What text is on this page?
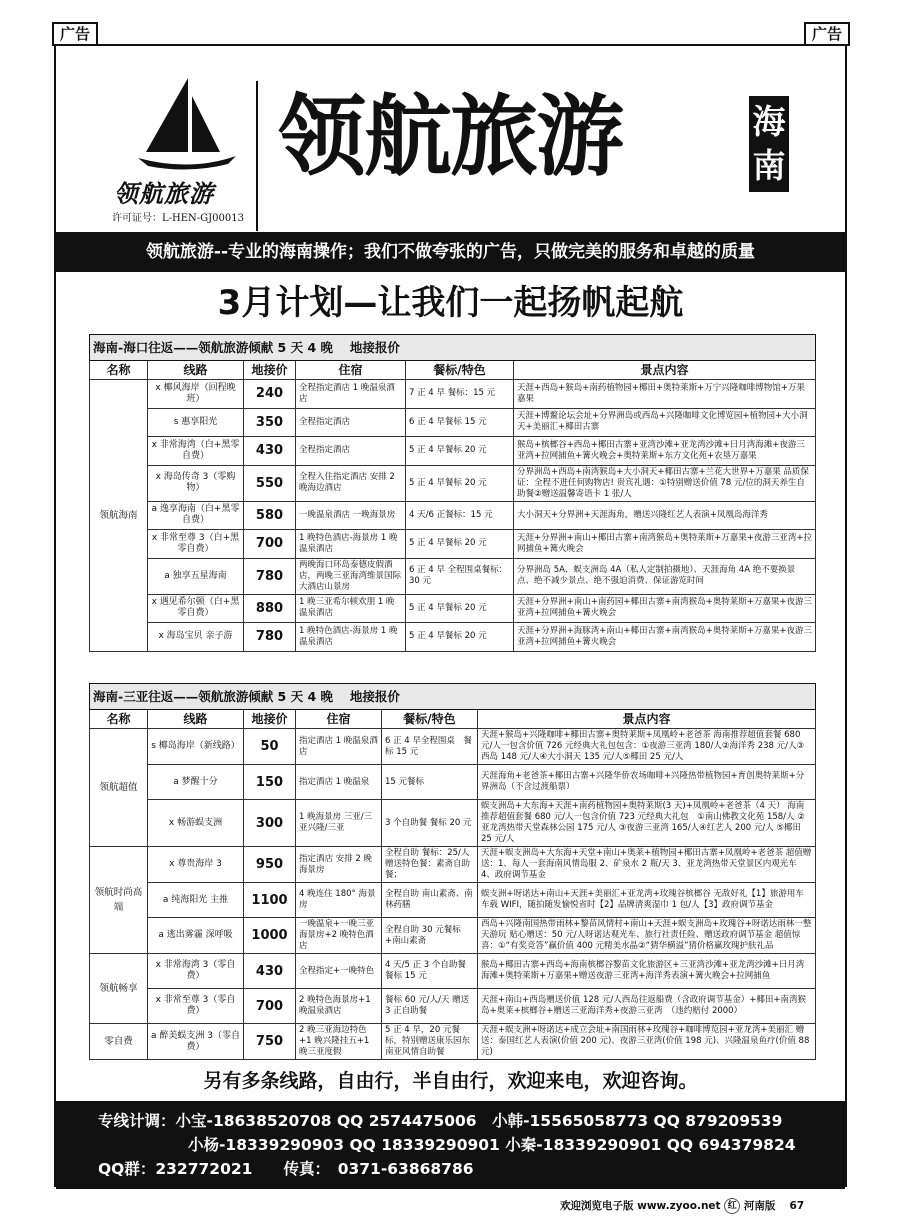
广告	广告
领航旅游
许可证号：L-HEN-GJ00013
领航旅游	海南
领航旅游--专业的海南操作；我们不做夸张的广告，只做完美的服务和卓越的质量
3月计划—让我们一起扬帆起航
海南-海口往返——领航旅游倾献 5 天 4 晚　 地接报价					
名称	线路	地接价	住宿	餐标/特色	景点内容
领航海南	x 椰风海岸（回程晚班）	240	全程指定酒店 1 晚温泉酒店	7 正 4 早 餐标：15 元	天涯+西岛+猴岛+南药植物园+椰田+奥特莱斯+万宁兴隆咖啡博物馆+万果嘉果
	s 惠享阳光	350	全程指定酒店	6 正 4 早餐标 15 元	天涯+博鳌论坛会址+分界洲岛或西岛+兴隆咖啡文化博览园+植物园+大小洞天+美丽汇+椰田古寨
	x 非常海湾（白+黑零自费）	430	全程指定酒店	5 正 4 早餐标 20 元	猴岛+槟榔谷+西岛+椰田古寨+亚湾沙滩+亚龙湾沙滩+日月湾海滩+夜游三亚湾+拉网捕鱼+篝火晚会+奥特莱斯+东方文化苑+农垦万嘉果
	x 海岛传奇 3（零购物）	550	全程入住指定酒店 安排 2 晚海边酒店	5 正 4 早餐标 20 元	分界洲岛+西岛+南湾猴岛+大小洞天+椰田古寨+兰花大世界+万嘉果 品质保证：全程不进任何购物店! 贵宾礼遇：①特别赠送价值 78 元/位的洞天养生自助餐②赠送温馨寄语卡 1 张/人
	a 逸享海南（白+黑零自费）	580	一晚温泉酒店 一晚海景房	4 天/6 正餐标：15 元	大小洞天+分界洲+天涯海角，赠送兴隆红艺人表演+凤凰岛海洋秀
	x 非常至尊 3（白+黑零自费）	700	1 晚特色酒店-海景房 1 晚温泉酒店	5 正 4 早餐标 20 元	天涯+分界洲+南山+椰田古寨+南湾猴岛+奥特莱斯+万嘉果+夜游三亚湾+拉网捕鱼+篝火晚会
	a 独享五星海南	780	两晚海口环岛泰德皮假酒店，两晚三亚海湾维景国际大酒店山景房	6 正 4 早 全程围桌餐标：30 元	分界洲岛 5A、蜈支洲岛 4A（私人定制拍摄地）、天涯海角 4A 绝不要换景点、绝不减少景点、绝不强迫消费、保证游览时间
	x 遇见希尔顿（白+黑零自费）	880	1 晚三亚希尔顿欢朋 1 晚温泉酒店	5 正 4 早餐标 20 元	天涯+分界洲+南山+南药园+椰田古寨+南湾猴岛+奥特莱斯+万嘉果+夜游三亚湾+拉网捕鱼+篝火晚会
	x 海岛宝贝 亲子游	780	1 晚特色酒店-海景房 1 晚温泉酒店	5 正 4 早餐标 20 元	天涯+分界洲+海豚湾+南山+椰田古寨+南湾猴岛+奥特莱斯+万嘉果+夜游三亚湾+拉网捕鱼+篝火晚会
海南-三亚往返——领航旅游倾献 5 天 4 晚　 地接报价					
名称	线路	地接价	住宿	餐标/特色	景点内容
领航超值	s 椰岛海岸（新线路）	50	指定酒店 1 晚温泉酒店	6 正 4 早全程围桌　餐标 15 元	天涯+猴岛+兴隆咖啡+椰田古寨+奥特莱斯+凤凰岭+老爸茶 海南推荐超值套餐 680 元/人一包含价值 726 元经典大礼包包含：①夜游三亚湾 180/人②海洋秀 238 元/人③西岛 148 元/人④大小洞天 135 元/人⑤椰田 25 元/人
	a 梦醒十分	150	指定酒店 1 晚温泉	15 元餐标	天涯海角+老爸茶+椰田古寨+兴隆华侨农场咖啡+兴隆热带植物园+育创奥特莱斯+分界洲岛（不含过渡船票）
	x 畅游蜈支洲	300	1 晚海景房 三亚/三亚兴隆/三亚	3 个自助餐 餐标 20 元	蜈支洲岛+大东海+天涯+南药植物园+奥特莱斯(3 天)+凤凰岭+老爸茶（4 天） 海南推荐超值套餐 680 元/人一包含价值 723 元经典大礼包　①南山佛教文化苑 158/人 ②亚龙湾热带天堂森林公园 175 元/人 ③夜游三亚湾 165/人④红艺人 200 元/人 ⑤椰田 25 元/人
领航时尚高端	x 尊贵海岸 3	950	指定酒店 安排 2 晚海景房	全程自助 餐标：25/人 赠送特色餐：素斋自助餐；	天涯+蜈支洲岛+大东海+天堂+南山+奥莱+植物园+椰田古寨+凤凰岭+老爸茶 超值赠送：1、每人一套海南风情岛服 2、矿泉水 2 瓶/天 3、亚龙湾热带天堂景区内观光车 4、政府调节基金
	a 纯海阳光 主推	1100	4 晚连住 180° 海景房	全程自助 南山素斋、南林药膳	蜈支洲+呀诺达+南山+天涯+美丽汇+亚龙湾+玫瑰谷槟榔谷 无敌好礼【1】旅游用车车载 WIFI，随拍随发愉悦省时【2】品牌清爽湿巾 1 包/人【3】政府调节基金
	a 逃出雾霾 深呼吸	1000	一晚温泉+一晚三亚海景房+2 晚特色酒店	全程自助 30 元餐标+南山素斋	西岛+兴隆南国热带雨林+黎苗风情村+南山+天涯+蜈支洲岛+玫瑰谷+呀诺达雨林一整天游玩 贴心赠送：50 元/人呀诺达观光车、旅行社责任险、赠送政府调节基金 超值惊喜：①“有奖竞答”赢价值 400 元精美水晶②“猜华横溢”猜价格赢玫瑰护肤礼品
领航畅享	x 非常海湾 3（零自费）	430	全程指定+一晚特色	4 天/5 正 3 个自助餐餐标 15 元	猴岛+椰田古寨+西岛+海南槟榔谷黎苗文化旅游区+三亚湾沙滩+亚龙湾沙滩+日月湾海滩+奥特莱斯+万嘉果+赠送夜游三亚湾+海洋秀表演+篝火晚会+拉网捕鱼
	x 非常至尊 3（零自费）	700	2 晚特色海景房+1 晚温泉酒店	餐标 60 元/人/天 赠送 3 正自助餐	天涯+南山+西岛赠送价值 128 元/人西岛往返船费（含政府调节基金）+椰田+南湾猴岛+奥莱+槟榔谷+赠送三亚海洋秀+夜游三亚湾　（违约赔付 2000）
零自费	a 醉美蜈支洲 3（零自费）	750	2 晚三亚海边特色+1 晚兴隆挂五+1 晚三亚度假	5 正 4 早，20 元餐标，特别赠送康乐园东南亚风情自助餐	天涯+蜈支洲+呀诺达+成立会址+南国雨林+玫瑰谷+咖啡博览园+亚龙湾+美丽汇 赠送：泰国红艺人表演(价值 200 元)、夜游三亚湾(价值 198 元)、兴隆温泉鱼疗(价值 88 元)
另有多条线路，自由行，半自由行，欢迎来电，欢迎咨询。
专线计调：小宝-18638520708 QQ 2574475006　小韩-15565058773 QQ 879209539
小杨-18339290903 QQ 18339290901 小秦-18339290901 QQ 694379824
QQ群：232772021　　 传真：　0371-63868786
欢迎浏览电子版 www.zyoo.net 红 河南版　 67
